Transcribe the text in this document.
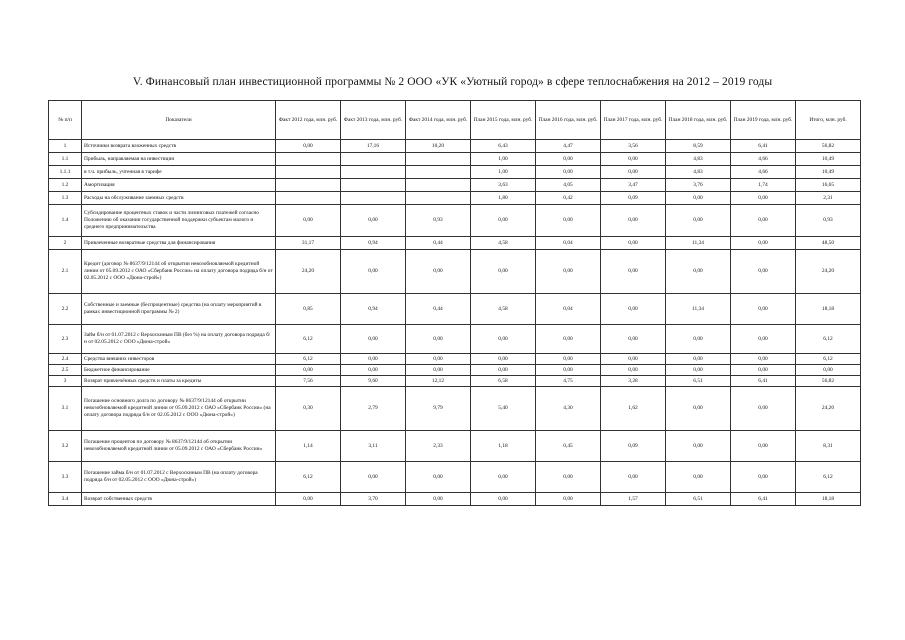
V. Финансовый план инвестиционной программы № 2 ООО «УК «Уютный город» в сфере теплоснабжения на 2012 – 2019 годы
№ п/п	Показатели	Факт 2012 года, млн. руб.	Факт 2013 года, млн. руб.	Факт 2014 года, млн. руб.	План 2015 года, млн. руб.	План 2016 года, млн. руб.	План 2017 года, млн. руб.	План 2018 года, млн. руб.	План 2019 года, млн. руб.	Итого, млн. руб.
1	Источники возврата вложенных средств	0,00	17,16	10,20	6,43	4,47	3,56	8,59	6,41	56,82
1.1	Прибыль, направляемая на инвестиции				1,00	0,00	0,00	4,83	4,66	10,49
1.1.1	в т.ч. прибыль, учтенная в тарифе				1,00	0,00	0,00	4,83	4,66	10,49
1.2	Амортизация				3,63	4,05	3,47	3,76	1,74	16,65
1.3	Расходы на обслуживание заемных средств				1,80	0,42	0,09	0,00	0,00	2,31
1.4	Субсидирование процентных ставок и части лизинговых платежей согласно Положению об оказании государственной поддержки субъектам малого и среднего предпринимательства	0,00	0,00	0,93	0,00	0,00	0,00	0,00	0,00	0,93
2	Привлеченные возвратные средства для финансирования	31,17	0,94	0,44	4,58	0,04	0,00	11,34	0,00	48,50
2.1	Кредит (договор № 8637/9/12144 об открытии невозобновляемой кредитной линии от 05.09.2012 с ОАО «Сбербанк России» на оплату договора подряда б/н от 02.05.2012 с ООО «Дюна-строй»)	24,20	0,00	0,00	0,00	0,00	0,00	0,00	0,00	24,20
2.2	Собственные и заемные (беспроцентные) средства (на оплату мероприятий в рамках инвестиционной программы № 2)	0,85	0,94	0,44	4,58	0,04	0,00	11,34	0,00	18,18
2.3	Займ б/н от 01.07.2012 с Верхоскиным ПВ (без %) на оплату договора подряда б/н от 02.05.2012 с ООО «Дюна-строй»	6,12	0,00	0,00	0,00	0,00	0,00	0,00	0,00	6,12
2.4	Средства внешних инвесторов	6,12	0,00	0,00	0,00	0,00	0,00	0,00	0,00	6,12
2.5	Бюджетное финансирование	0,00	0,00	0,00	0,00	0,00	0,00	0,00	0,00	0,00
3	Возврат привлечённых средств и платы за кредиты	7,56	9,60	12,12	6,58	4,75	3,28	6,51	6,41	56,82
3.1	Погашение основного долга по договору № 8637/9/12144 об открытии невозобновляемой кредитной линии от 05.09.2012 с ОАО «Сбербанк России» (на оплату договора подряда б/н от 02.05.2012 с ООО «Дюна-строй»)	0,30	2,79	9,79	5,40	4,30	1,62	0,00	0,00	24,20
3.2	Погашение процентов по договору № 8637/9/12144 об открытии невозобновляемой кредитной линии от 05.09.2012 с ОАО «Сбербанк России»	1,14	3,11	2,33	1,18	0,45	0,09	0,00	0,00	8,31
3.3	Погашение займа б/н от 01.07.2012 с Верхоскиным ПВ (на оплату договора подряда б/н от 02.05.2012 с ООО «Дюна-строй»)	6,12	0,00	0,00	0,00	0,00	0,00	0,00	0,00	6,12
3.4	Возврат собственных средств	0,00	3,70	0,00	0,00	0,00	1,57	6,51	6,41	18,18
